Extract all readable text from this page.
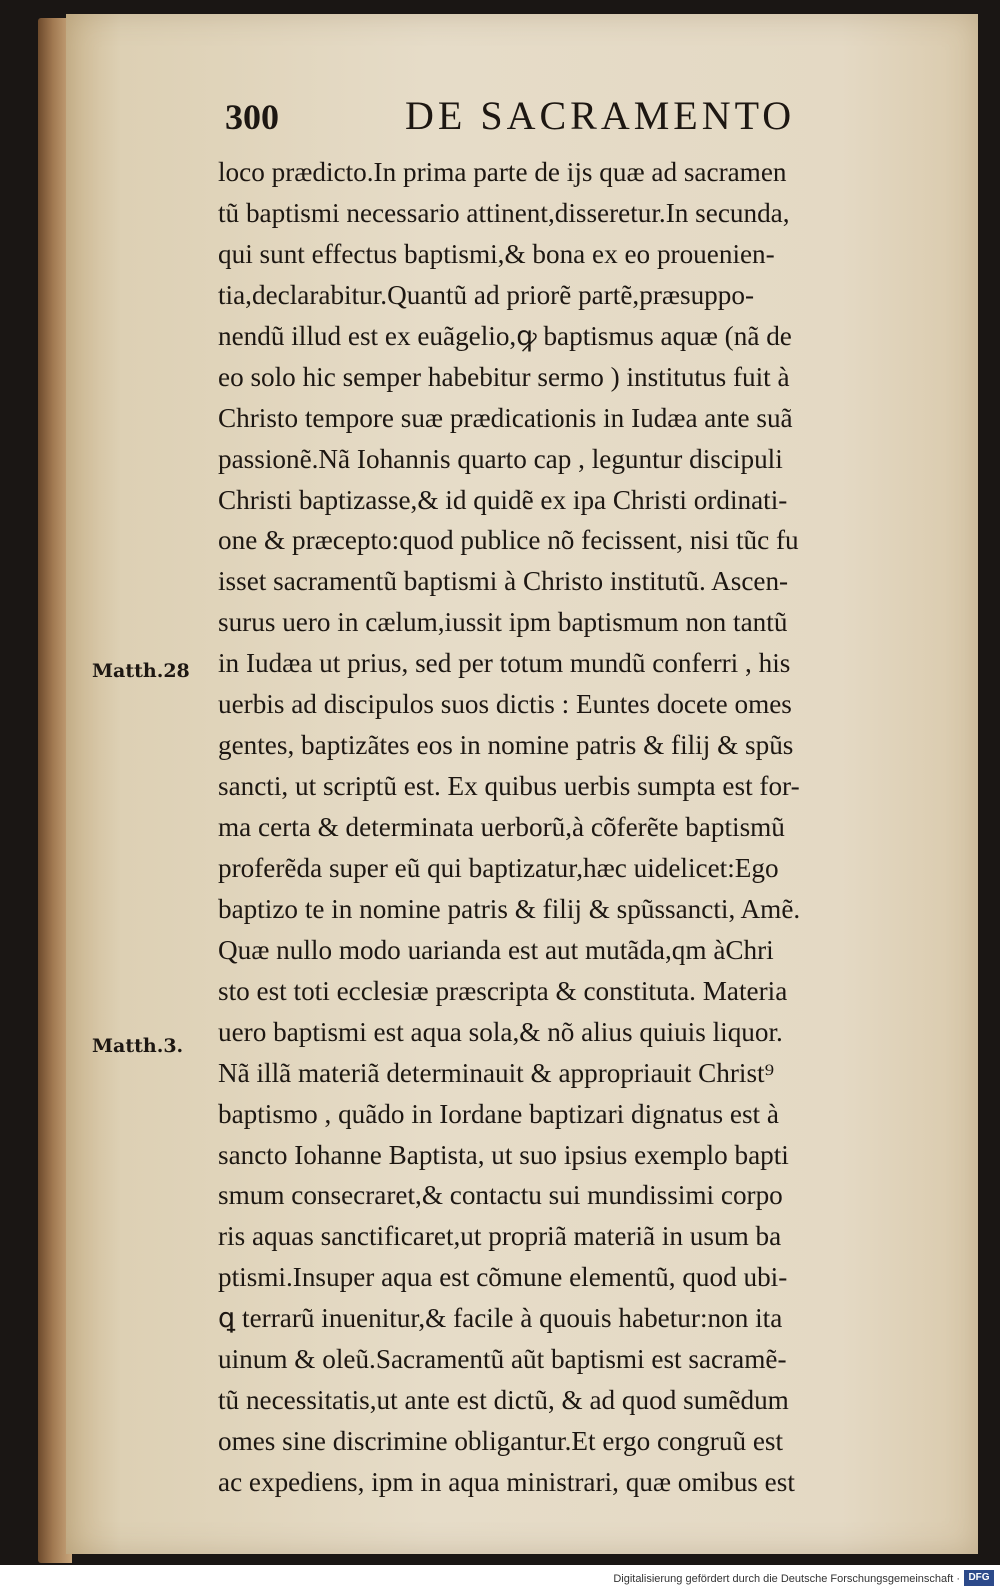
300	DE SACRAMENTO
Matth.28
Matth.3.
loco prædicto.In prima parte de ijs quæ ad sacramen
tũ baptismi necessario attinent,disseretur.In secunda,
qui sunt effectus baptismi,& bona ex eo prouenien-
tia,declarabitur.Quantũ ad priorẽ partẽ,præsuppo-
nendũ illud est ex euãgelio,ꝙ baptismus aquæ (nã de
eo solo hic semper habebitur sermo ) institutus fuit à
Christo tempore suæ prædicationis in Iudæa ante suã
passionẽ.Nã Iohannis quarto cap , leguntur discipuli
Christi baptizasse,& id quidẽ ex ipa Christi ordinati-
one & præcepto:quod publice nõ fecissent, nisi tũc fu
isset sacramentũ baptismi à Christo institutũ. Ascen-
surus uero in cælum,iussit ipm baptismum non tantũ
in Iudæa ut prius, sed per totum mundũ conferri , his
uerbis ad discipulos suos dictis : Euntes docete omes
gentes, baptizãtes eos in nomine patris & filij & spũs
sancti, ut scriptũ est. Ex quibus uerbis sumpta est for-
ma certa & determinata uerborũ,à cõferẽte baptismũ
proferẽda super eũ qui baptizatur,hæc uidelicet:Ego
baptizo te in nomine patris & filij & spũssancti, Amẽ.
Quæ nullo modo uarianda est aut mutãda,qm àChri
sto est toti ecclesiæ præscripta & constituta. Materia
uero baptismi est aqua sola,& nõ alius quiuis liquor.
Nã illã materiã determinauit & appropriauit Christ⁹
baptismo , quãdo in Iordane baptizari dignatus est à
sancto Iohanne Baptista, ut suo ipsius exemplo bapti
smum consecraret,& contactu sui mundissimi corpo
ris aquas sanctificaret,ut propriã materiã in usum ba
ptismi.Insuper aqua est cõmune elementũ, quod ubi-
ꝗ terrarũ inuenitur,& facile à quouis habetur:non ita
uinum & oleũ.Sacramentũ aũt baptismi est sacramẽ-
tũ necessitatis,ut ante est dictũ, & ad quod sumẽdum
omes sine discrimine obligantur.Et ergo congruũ est
ac expediens, ipm in aqua ministrari, quæ omibus est
Digitalisierung gefördert durch die Deutsche Forschungsgemeinschaft · DFG
